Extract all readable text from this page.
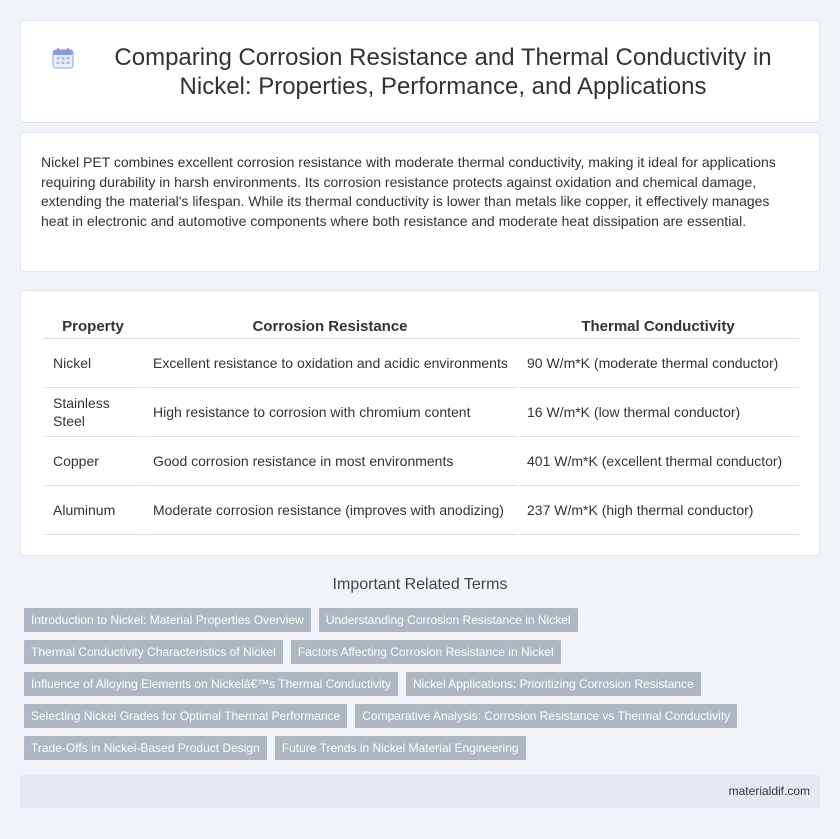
Comparing Corrosion Resistance and Thermal Conductivity in Nickel: Properties, Performance, and Applications

Nickel PET combines excellent corrosion resistance with moderate thermal conductivity, making it ideal for applications requiring durability in harsh environments. Its corrosion resistance protects against oxidation and chemical damage, extending the material's lifespan. While its thermal conductivity is lower than metals like copper, it effectively manages heat in electronic and automotive components where both resistance and moderate heat dissipation are essential.

Property	Corrosion Resistance	Thermal Conductivity
Nickel	Excellent resistance to oxidation and acidic environments	90 W/m*K (moderate thermal conductor)
Stainless Steel	High resistance to corrosion with chromium content	16 W/m*K (low thermal conductor)
Copper	Good corrosion resistance in most environments	401 W/m*K (excellent thermal conductor)
Aluminum	Moderate corrosion resistance (improves with anodizing)	237 W/m*K (high thermal conductor)
Important Related Terms
Introduction to Nickel: Material Properties Overview	Understanding Corrosion Resistance in Nickel
Thermal Conductivity Characteristics of Nickel	Factors Affecting Corrosion Resistance in Nickel
Influence of Alloying Elements on Nickelâ€™s Thermal Conductivity	Nickel Applications: Prioritizing Corrosion Resistance
Selecting Nickel Grades for Optimal Thermal Performance	Comparative Analysis: Corrosion Resistance vs Thermal Conductivity
Trade-Offs in Nickel-Based Product Design	Future Trends in Nickel Material Engineering
materialdif.com
